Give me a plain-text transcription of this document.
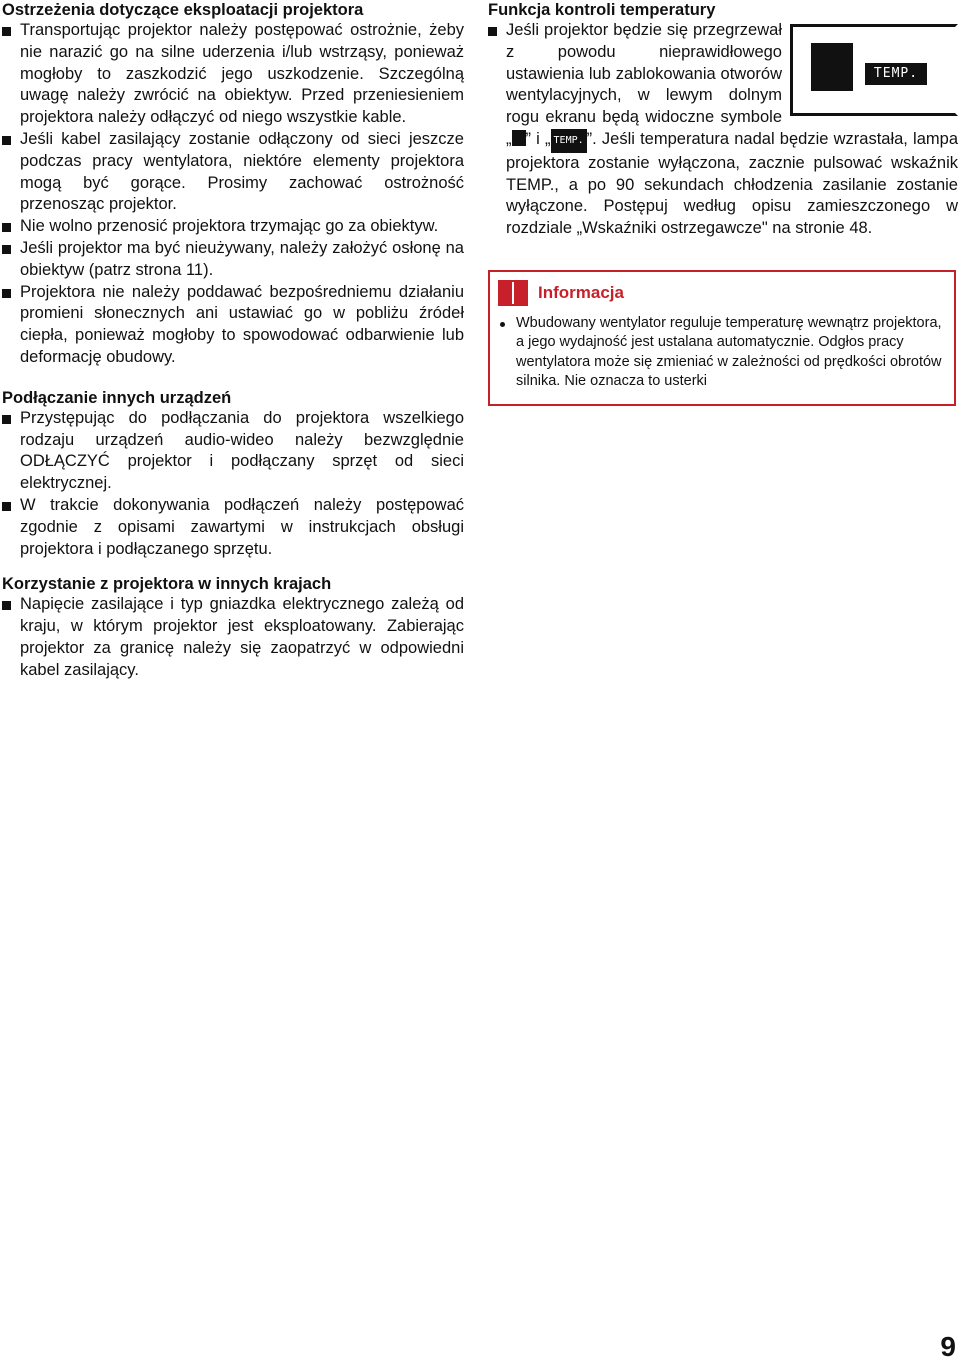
Ostrzeżenia dotyczące eksploatacji projektora

Transportując projektor należy postępować ostrożnie, żeby nie narazić go na silne uderzenia i/lub wstrząsy, ponieważ mogłoby to zaszkodzić jego uszkodzenie. Szczególną uwagę należy zwrócić na obiektyw. Przed przeniesieniem projektora należy odłączyć od niego wszystkie kable.

Jeśli kabel zasilający zostanie odłączony od sieci jeszcze podczas pracy wentylatora, niektóre elementy projektora mogą być gorące. Prosimy zachować ostrożność przenosząc projektor.

Nie wolno przenosić projektora trzymając go za obiektyw.

Jeśli projektor ma być nieużywany, należy założyć osłonę na obiektyw (patrz strona 11).

Projektora nie należy poddawać bezpośredniemu działaniu promieni słonecznych ani ustawiać go w pobliżu źródeł ciepła, ponieważ mogłoby to spowodować odbarwienie lub deformację obudowy.

Podłączanie innych urządzeń

Przystępując do podłączania do projektora wszelkiego rodzaju urządzeń audio-wideo należy bezwzględnie ODŁĄCZYĆ projektor i podłączany sprzęt od sieci elektrycznej.

W trakcie dokonywania podłączeń należy postępować zgodnie z opisami zawartymi w instrukcjach obsługi projektora i podłączanego sprzętu.

Korzystanie z projektora w innych krajach

Napięcie zasilające i typ gniazdka elektrycznego zależą od kraju, w którym projektor jest eksploatowany. Zabierając projektor za granicę należy się zaopatrzyć w odpowiedni kabel zasilający.

Funkcja kontroli temperatury
TEMP.

Jeśli projektor będzie się przegrzewał z powodu nieprawidłowego ustawienia lub zablokowania otworów wentylacyjnych, w lewym dolnym rogu ekranu będą widoczne symbole „ ” i „ TEMP. ”. Jeśli temperatura nadal będzie wzrastała, lampa projektora zostanie wyłączona, zacznie pulsować wskaźnik TEMP., a po 90 sekundach chłodzenia zasilanie zostanie wyłączone. Postępuj według opisu zamieszczonego w rozdziale „Wskaźniki ostrzegawcze" na stronie 48.

Informacja

Wbudowany wentylator reguluje temperaturę wewnątrz projektora, a jego wydajność jest ustalana automatycznie. Odgłos pracy wentylatora może się zmieniać w zależności od prędkości obrotów silnika. Nie oznacza to usterki

9
